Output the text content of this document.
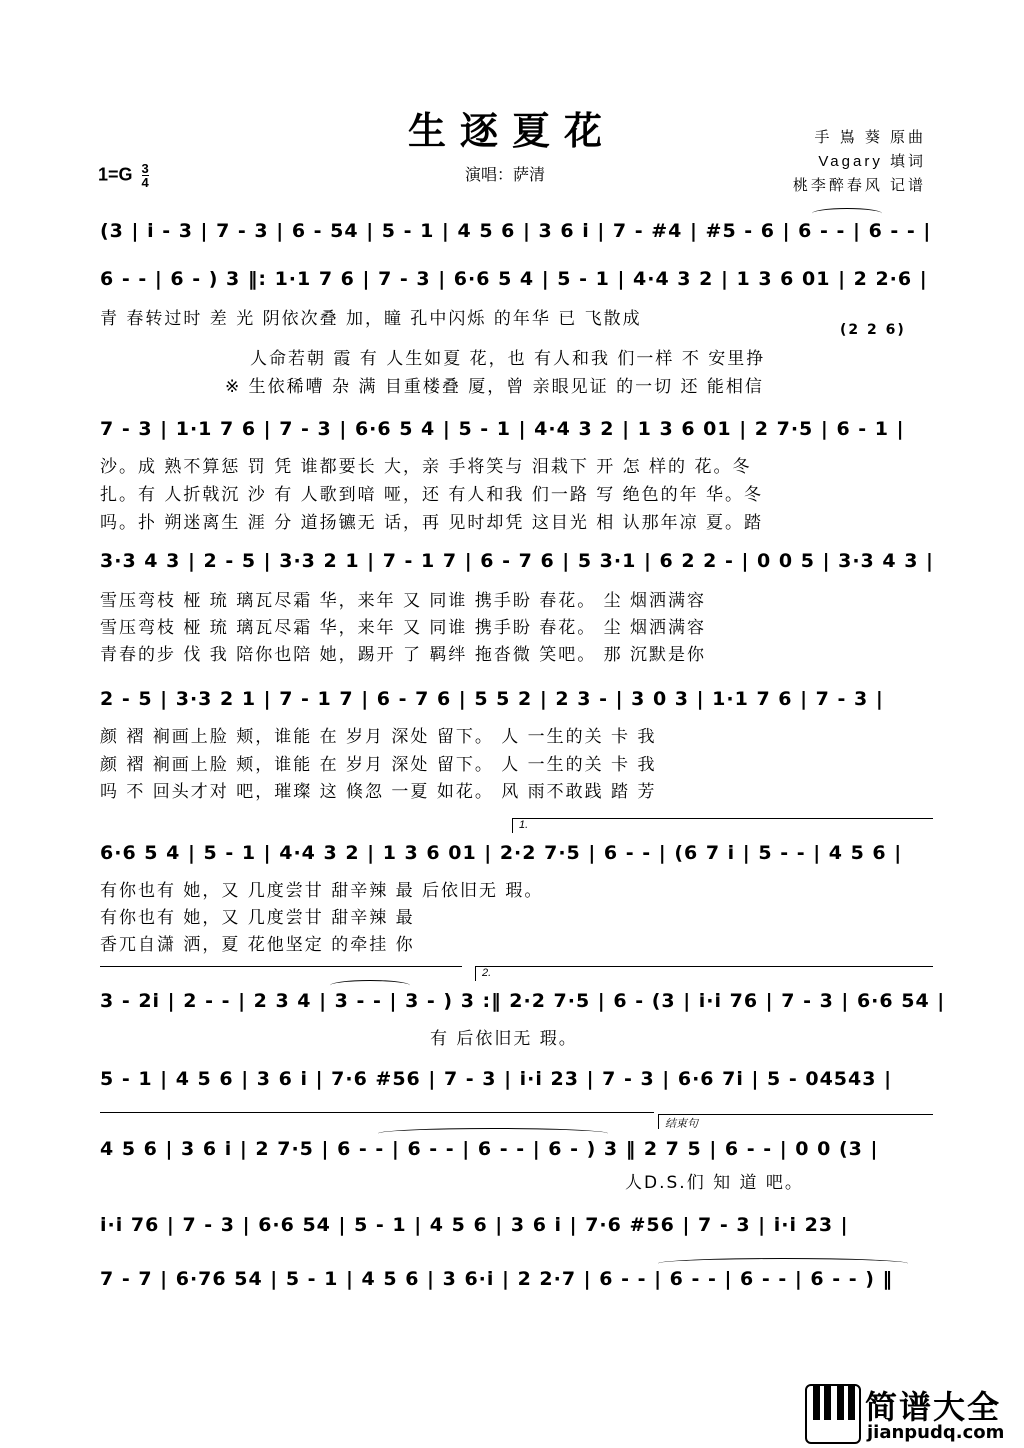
生逐夏花
演唱：萨清
$1=G \frac{3}{4}$
手 嶌 葵 原曲
Vagary 填词
桃李醉春风 记谱
(3 | i - 3 | 7 - 3 | 6 - 54 | 5 - 1 | 4 5 6 | 3 6 i | 7 - #4 | #5 - 6 | 6 - - | 6 - - |
6 - - | 6 - ) 3 ‖: 1·1 7 6 | 7 - 3 | 6·6 5 4 | 5 - 1 | 4·4 3 2 | 1 3 6 01 | 2 2·6 |
青 春转过时 差 光 阴依次叠 加，瞳 孔中闪烁 的年华 已 飞散成
(2 2 6)
人命若朝 霞 有 人生如夏 花，也 有人和我 们一样 不 安里挣
※ 生依稀嘈 杂 满 目重楼叠 厦，曾 亲眼见证 的一切 还 能相信
7 - 3 | 1·1 7 6 | 7 - 3 | 6·6 5 4 | 5 - 1 | 4·4 3 2 | 1 3 6 01 | 2 7·5 | 6 - 1 |
沙。成 熟不算惩 罚 凭 谁都要长 大，亲 手将笑与 泪栽下 开 怎 样的 花。冬
扎。有 人折戟沉 沙 有 人歌到喑 哑，还 有人和我 们一路 写 绝色的年 华。冬
吗。扑 朔迷离生 涯 分 道扬镳无 话，再 见时却凭 这目光 相 认那年凉 夏。踏
3·3 4 3 | 2 - 5 | 3·3 2 1 | 7 - 1 7 | 6 - 7 6 | 5 3·1 | 6 2 2 - | 0 0 5 | 3·3 4 3 |
雪压弯枝 桠 琉 璃瓦尽霜 华，来年 又 同谁 携手盼 春花。 尘 烟洒满容
雪压弯枝 桠 琉 璃瓦尽霜 华，来年 又 同谁 携手盼 春花。 尘 烟洒满容
青春的步 伐 我 陪你也陪 她，踢开 了 羁绊 拖沓微 笑吧。 那 沉默是你
2 - 5 | 3·3 2 1 | 7 - 1 7 | 6 - 7 6 | 5 5 2 | 2 3 - | 3 0 3 | 1·1 7 6 | 7 - 3 |
颜 褶 裥画上脸 颊，谁能 在 岁月 深处 留下。 人 一生的关 卡 我
颜 褶 裥画上脸 颊，谁能 在 岁月 深处 留下。 人 一生的关 卡 我
吗 不 回头才对 吧，璀璨 这 倏忽 一夏 如花。 风 雨不敢践 踏 芳
1.
6·6 5 4 | 5 - 1 | 4·4 3 2 | 1 3 6 01 | 2·2 7·5 | 6 - - | (6 7 i | 5 - - | 4 5 6 |
有你也有 她，又 几度尝甘 甜辛辣 最 后依旧无 瑕。
有你也有 她，又 几度尝甘 甜辛辣 最
香兀自潇 洒，夏 花他坚定 的牵挂 你
2.
3 - 2i | 2 - - | 2 3 4 | 3 - - | 3 - ) 3 :‖ 2·2 7·5 | 6 - (3 | i·i 76 | 7 - 3 | 6·6 54 |
有 后依旧无 瑕。
5 - 1 | 4 5 6 | 3 6 i | 7·6 #56 | 7 - 3 | i·i 23 | 7 - 3 | 6·6 7i | 5 - 04543 |
结束句
4 5 6 | 3 6 i | 2 7·5 | 6 - - | 6 - - | 6 - - | 6 - ) 3 ‖ 2 7 5 | 6 - - | 0 0 (3 |
人D.S.们 知 道 吧。
i·i 76 | 7 - 3 | 6·6 54 | 5 - 1 | 4 5 6 | 3 6 i | 7·6 #56 | 7 - 3 | i·i 23 |
7 - 7 | 6·76 54 | 5 - 1 | 4 5 6 | 3 6·i | 2 2·7 | 6 - - | 6 - - | 6 - - | 6 - - ) ‖
简谱大全
jianpudq.com
